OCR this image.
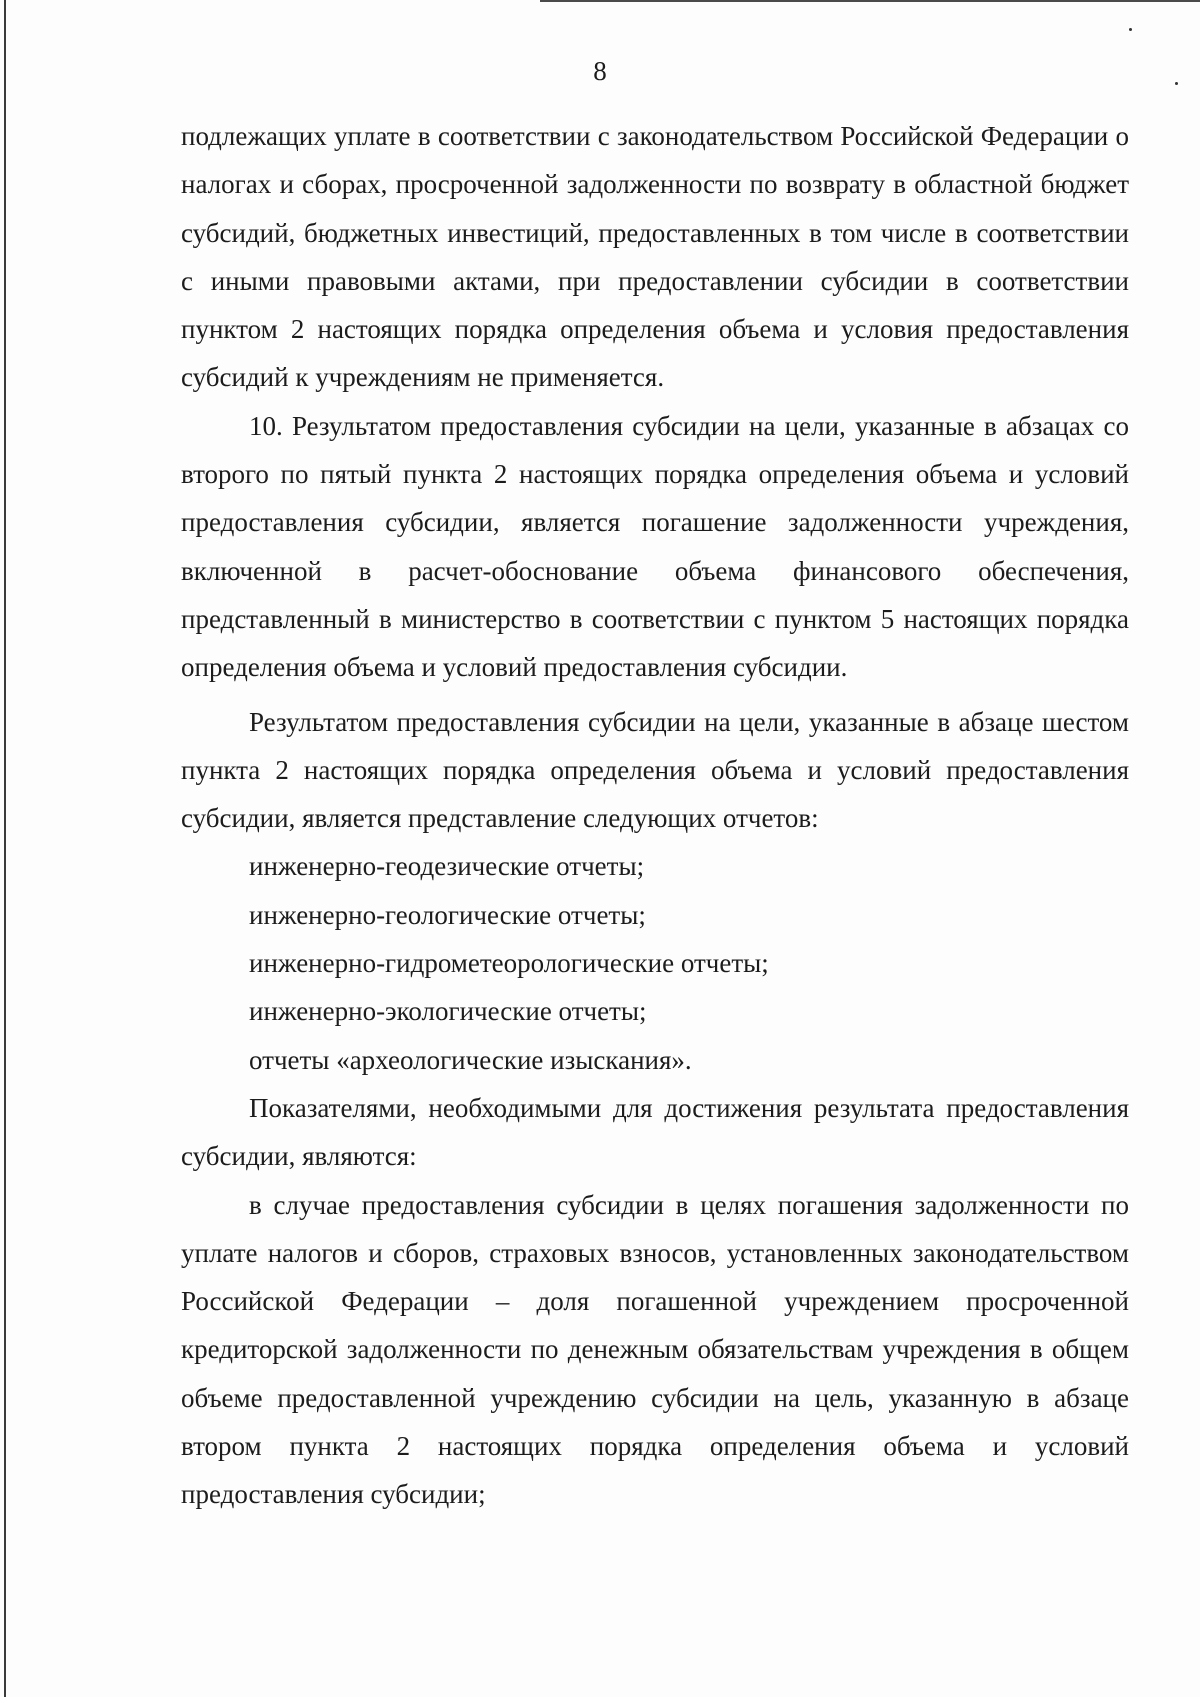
8

подлежащих уплате в соответствии с законодательством Российской Федерации о налогах и сборах, просроченной задолженности по возврату в областной бюджет субсидий, бюджетных инвестиций, предоставленных в том числе в соответствии с иными правовыми актами, при предоставлении субсидии в соответствии пунктом 2 настоящих порядка определения объема и условия предоставления субсидий к учреждениям не применяется.

10. Результатом предоставления субсидии на цели, указанные в абзацах со второго по пятый пункта 2 настоящих порядка определения объема и условий предоставления субсидии, является погашение задолженности учреждения, включенной в расчет-обоснование объема финансового обеспечения, представленный в министерство в соответствии с пунктом 5 настоящих порядка определения объема и условий предоставления субсидии.

Результатом предоставления субсидии на цели, указанные в абзаце шестом пункта 2 настоящих порядка определения объема и условий предоставления субсидии, является представление следующих отчетов:

инженерно-геодезические отчеты;

инженерно-геологические отчеты;

инженерно-гидрометеорологические отчеты;

инженерно-экологические отчеты;

отчеты «археологические изыскания».

Показателями, необходимыми для достижения результата предоставления субсидии, являются:

в случае предоставления субсидии в целях погашения задолженности по уплате налогов и сборов, страховых взносов, установленных законодательством Российской Федерации – доля погашенной учреждением просроченной кредиторской задолженности по денежным обязательствам учреждения в общем объеме предоставленной учреждению субсидии на цель, указанную в абзаце втором пункта 2 настоящих порядка определения объема и условий предоставления субсидии;
